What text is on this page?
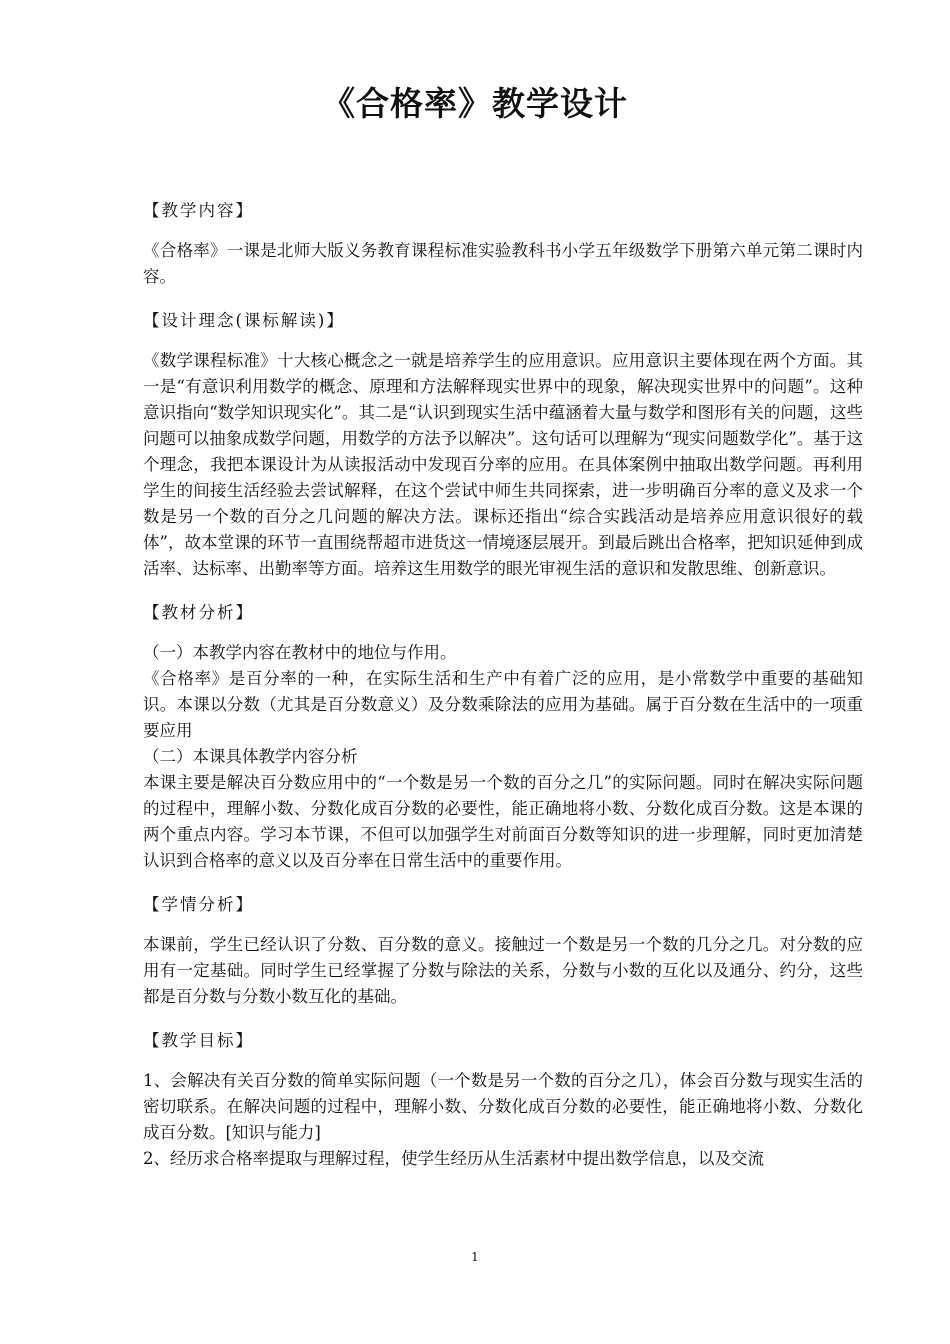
《合格率》教学设计

【教学内容】

《合格率》一课是北师大版义务教育课程标准实验教科书小学五年级数学下册第六单元第二课时内容。

【设计理念(课标解读)】

《数学课程标准》十大核心概念之一就是培养学生的应用意识。应用意识主要体现在两个方面。其一是“有意识利用数学的概念、原理和方法解释现实世界中的现象，解决现实世界中的问题”。这种意识指向“数学知识现实化”。其二是“认识到现实生活中蕴涵着大量与数学和图形有关的问题，这些问题可以抽象成数学问题，用数学的方法予以解决”。这句话可以理解为“现实问题数学化”。基于这个理念，我把本课设计为从读报活动中发现百分率的应用。在具体案例中抽取出数学问题。再利用学生的间接生活经验去尝试解释，在这个尝试中师生共同探索，进一步明确百分率的意义及求一个数是另一个数的百分之几问题的解决方法。课标还指出“综合实践活动是培养应用意识很好的载体”，故本堂课的环节一直围绕帮超市进货这一情境逐层展开。到最后跳出合格率，把知识延伸到成活率、达标率、出勤率等方面。培养这生用数学的眼光审视生活的意识和发散思维、创新意识。

【教材分析】

（一）本教学内容在教材中的地位与作用。

《合格率》是百分率的一种，在实际生活和生产中有着广泛的应用，是小常数学中重要的基础知识。本课以分数（尤其是百分数意义）及分数乘除法的应用为基础。属于百分数在生活中的一项重要应用

（二）本课具体教学内容分析

本课主要是解决百分数应用中的“一个数是另一个数的百分之几”的实际问题。同时在解决实际问题的过程中，理解小数、分数化成百分数的必要性，能正确地将小数、分数化成百分数。这是本课的两个重点内容。学习本节课，不但可以加强学生对前面百分数等知识的进一步理解，同时更加清楚认识到合格率的意义以及百分率在日常生活中的重要作用。

【学情分析】

本课前，学生已经认识了分数、百分数的意义。接触过一个数是另一个数的几分之几。对分数的应用有一定基础。同时学生已经掌握了分数与除法的关系，分数与小数的互化以及通分、约分，这些都是百分数与分数小数互化的基础。

【教学目标】

1、会解决有关百分数的简单实际问题（一个数是另一个数的百分之几），体会百分数与现实生活的密切联系。在解决问题的过程中，理解小数、分数化成百分数的必要性，能正确地将小数、分数化成百分数。[知识与能力]

2、经历求合格率提取与理解过程，使学生经历从生活素材中提出数学信息，以及交流

1
